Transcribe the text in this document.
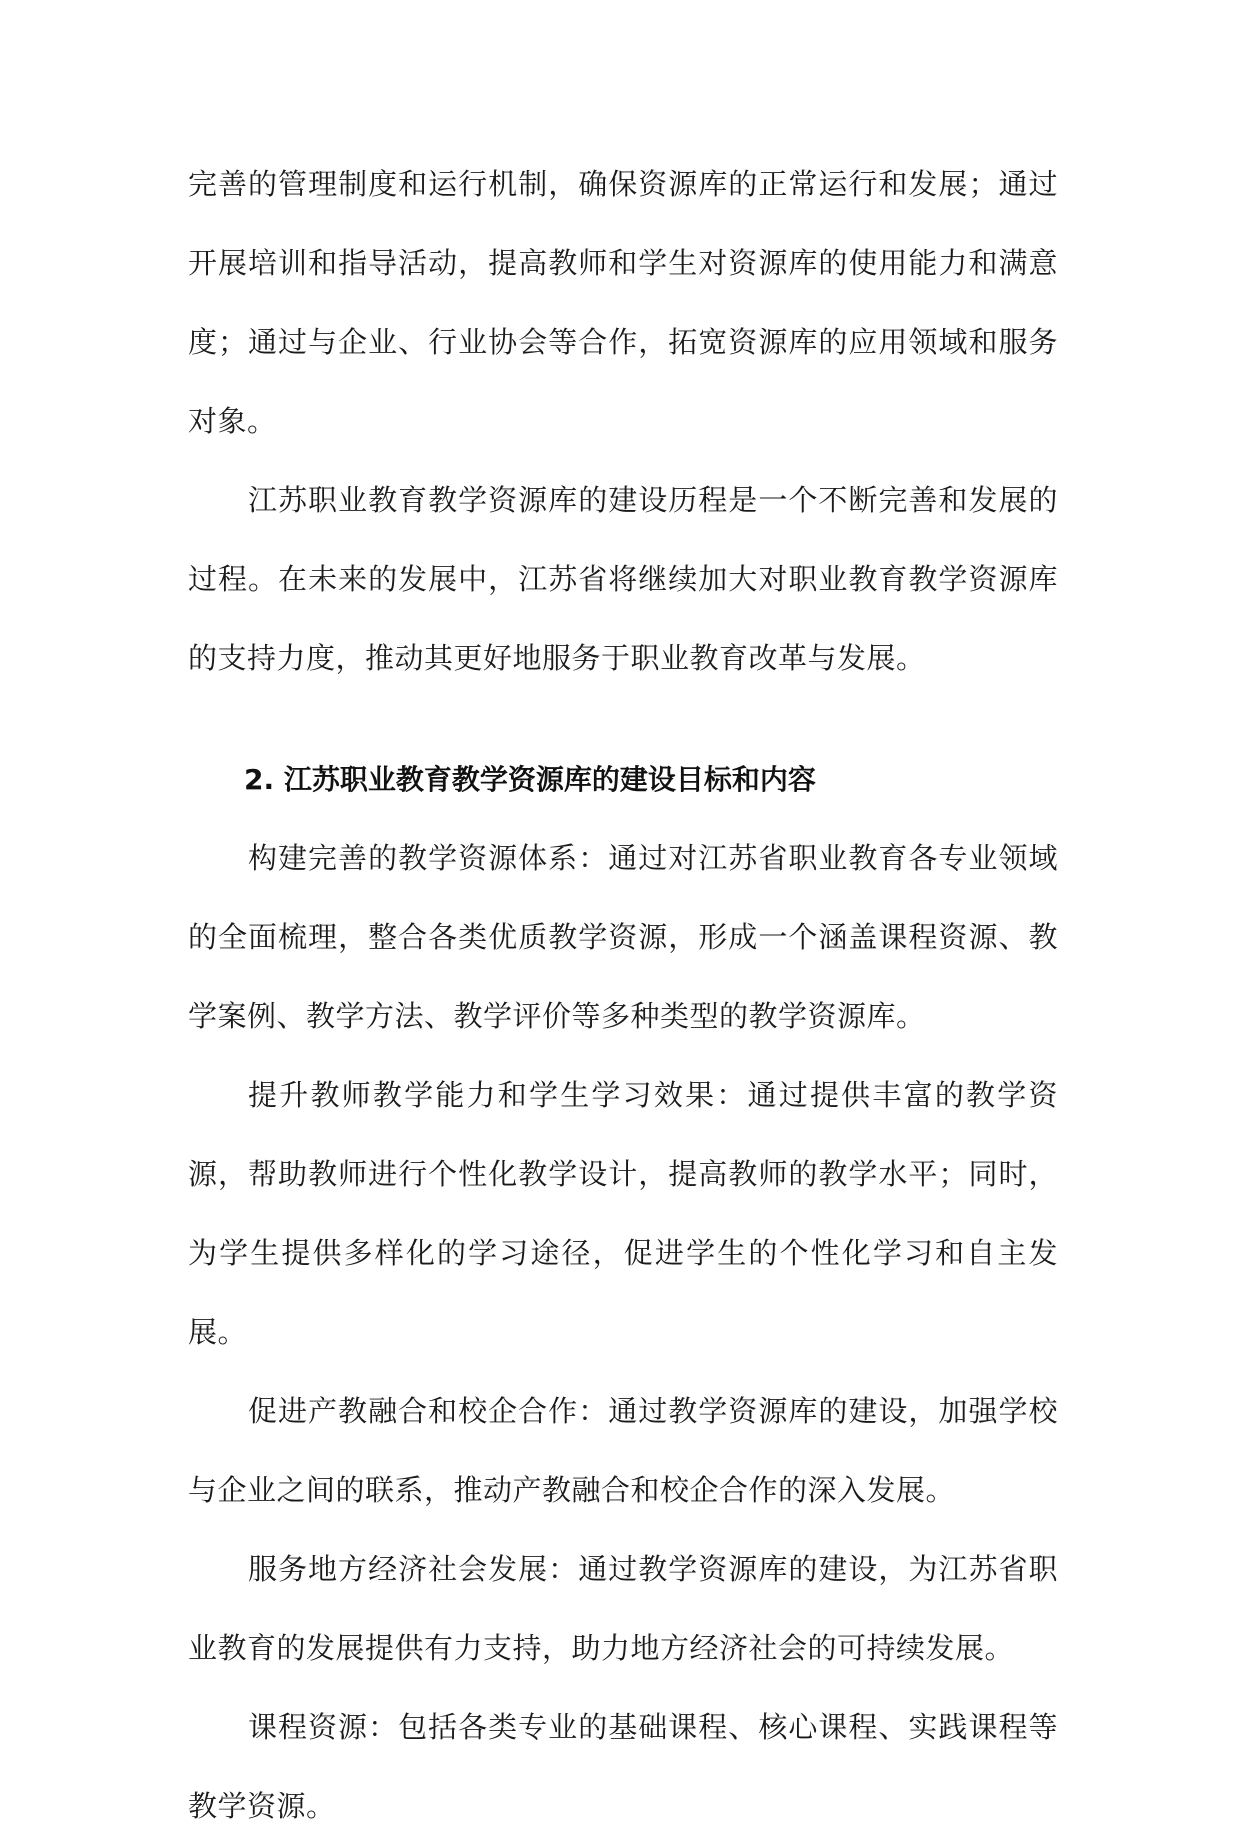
完善的管理制度和运行机制，确保资源库的正常运行和发展；通过开展培训和指导活动，提高教师和学生对资源库的使用能力和满意度；通过与企业、行业协会等合作，拓宽资源库的应用领域和服务对象。

江苏职业教育教学资源库的建设历程是一个不断完善和发展的过程。在未来的发展中，江苏省将继续加大对职业教育教学资源库的支持力度，推动其更好地服务于职业教育改革与发展。

2. 江苏职业教育教学资源库的建设目标和内容

构建完善的教学资源体系：通过对江苏省职业教育各专业领域的全面梳理，整合各类优质教学资源，形成一个涵盖课程资源、教学案例、教学方法、教学评价等多种类型的教学资源库。

提升教师教学能力和学生学习效果：通过提供丰富的教学资源，帮助教师进行个性化教学设计，提高教师的教学水平；同时，为学生提供多样化的学习途径，促进学生的个性化学习和自主发展。

促进产教融合和校企合作：通过教学资源库的建设，加强学校与企业之间的联系，推动产教融合和校企合作的深入发展。

服务地方经济社会发展：通过教学资源库的建设，为江苏省职业教育的发展提供有力支持，助力地方经济社会的可持续发展。

课程资源：包括各类专业的基础课程、核心课程、实践课程等教学资源。
